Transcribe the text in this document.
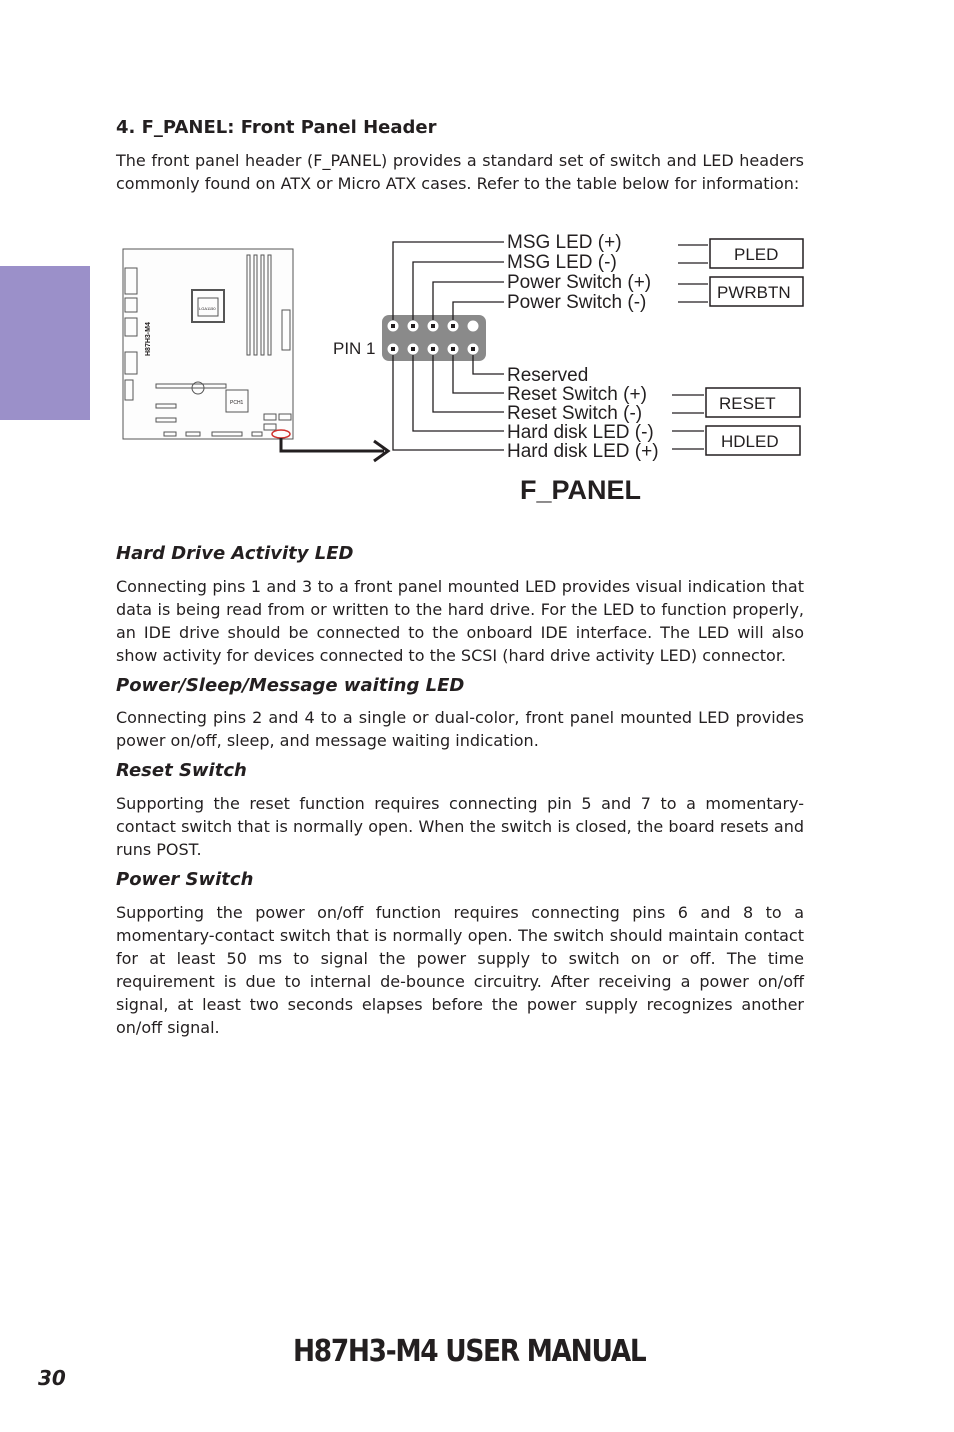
4. F_PANEL: Front Panel Header

The front panel header (F_PANEL) provides a standard set of switch and LED headers commonly found on ATX or Micro ATX cases. Refer to the table below for information:

H87H3-M4
PCH1
LGA1150
PIN 1
MSG LED (+)
MSG LED (-)
Power Switch (+)
Power Switch (-)
Reserved
Reset Switch (+)
Reset Switch (-)
Hard disk LED (-)
Hard disk LED (+)
PLED
PWRBTN
RESET
HDLED
F_PANEL
Hard Drive Activity LED

Connecting pins 1 and 3 to a front panel mounted LED provides visual indication that data is being read from or written to the hard drive. For the LED to function properly, an IDE drive should be connected to the onboard IDE interface. The LED will also show activity for devices connected to the SCSI (hard drive activity LED) connector.

Power/Sleep/Message waiting LED

Connecting pins 2 and 4 to a single or dual-color, front panel mounted LED provides power on/off, sleep, and message waiting indication.

Reset Switch

Supporting the reset function requires connecting pin 5 and 7 to a momentary-contact switch that is normally open. When the switch is closed, the board resets and runs POST.

Power Switch

Supporting the power on/off function requires connecting pins 6 and 8 to a momentary-contact switch that is normally open. The switch should maintain contact for at least 50 ms to signal the power supply to switch on or off. The time requirement is due to internal de-bounce circuitry. After receiving a power on/off signal, at least two seconds elapses before the power supply recognizes another on/off signal.

30
H87H3-M4 USER MANUAL
